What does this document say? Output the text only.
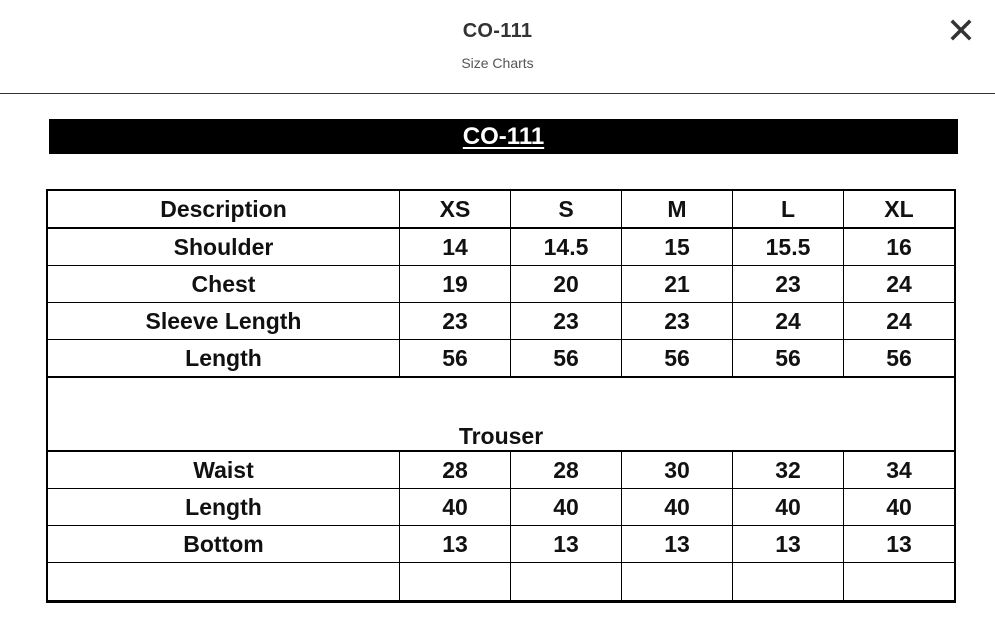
CO-111
Size Charts
CO-111
Description	XS	S	M	L	XL
Shoulder	14	14.5	15	15.5	16
Chest	19	20	21	23	24
Sleeve Length	23	23	23	24	24
Length	56	56	56	56	56
Trouser					
Waist	28	28	30	32	34
Length	40	40	40	40	40
Bottom	13	13	13	13	13
